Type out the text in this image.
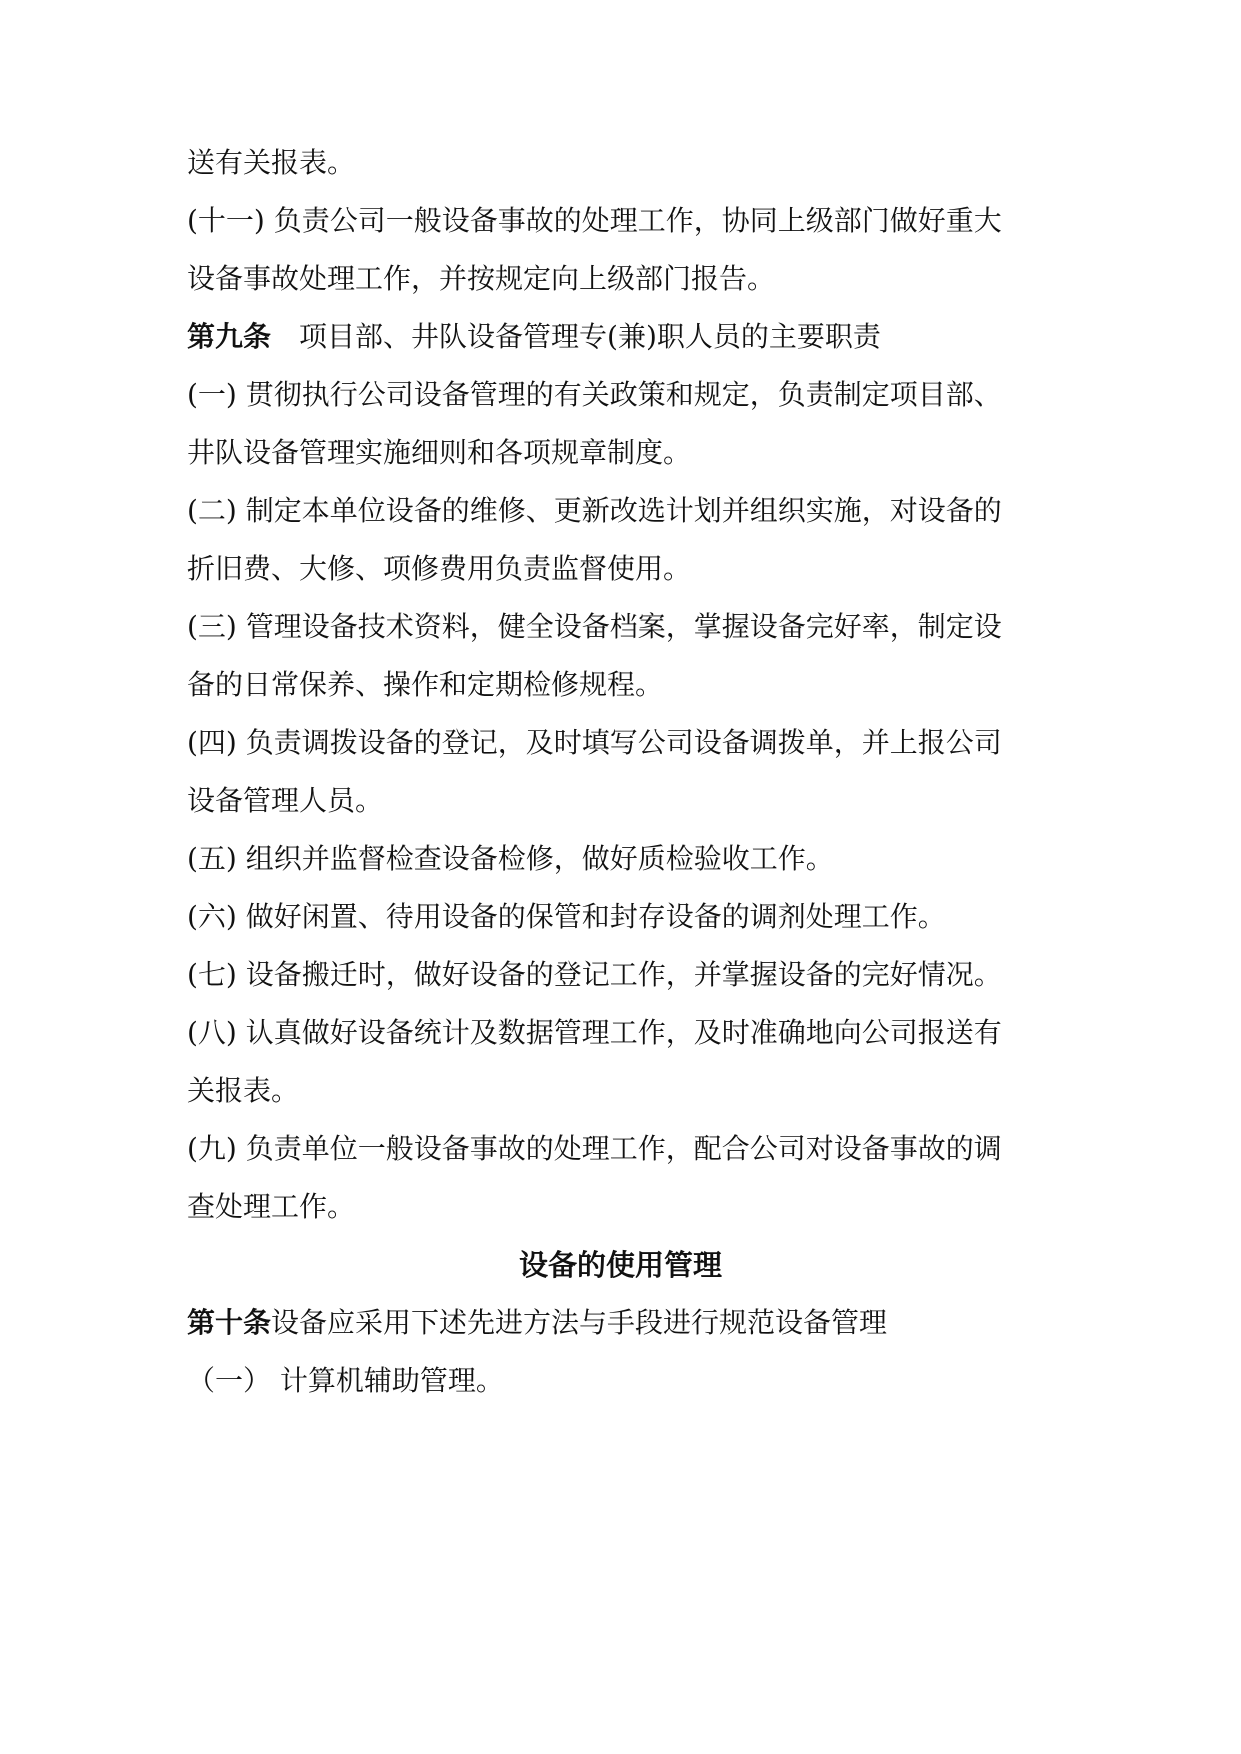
送有关报表。
(十一) 负责公司一般设备事故的处理工作，协同上级部门做好重大
设备事故处理工作，并按规定向上级部门报告。
第九条 项目部、井队设备管理专(兼)职人员的主要职责
(一) 贯彻执行公司设备管理的有关政策和规定，负责制定项目部、
井队设备管理实施细则和各项规章制度。
(二) 制定本单位设备的维修、更新改选计划并组织实施，对设备的
折旧费、大修、项修费用负责监督使用。
(三) 管理设备技术资料，健全设备档案，掌握设备完好率，制定设
备的日常保养、操作和定期检修规程。
(四) 负责调拨设备的登记，及时填写公司设备调拨单，并上报公司
设备管理人员。
(五) 组织并监督检查设备检修，做好质检验收工作。
(六) 做好闲置、待用设备的保管和封存设备的调剂处理工作。
(七) 设备搬迁时，做好设备的登记工作，并掌握设备的完好情况。
(八) 认真做好设备统计及数据管理工作，及时准确地向公司报送有
关报表。
(九) 负责单位一般设备事故的处理工作，配合公司对设备事故的调
查处理工作。
设备的使用管理
第十条设备应采用下述先进方法与手段进行规范设备管理
（一） 计算机辅助管理。
